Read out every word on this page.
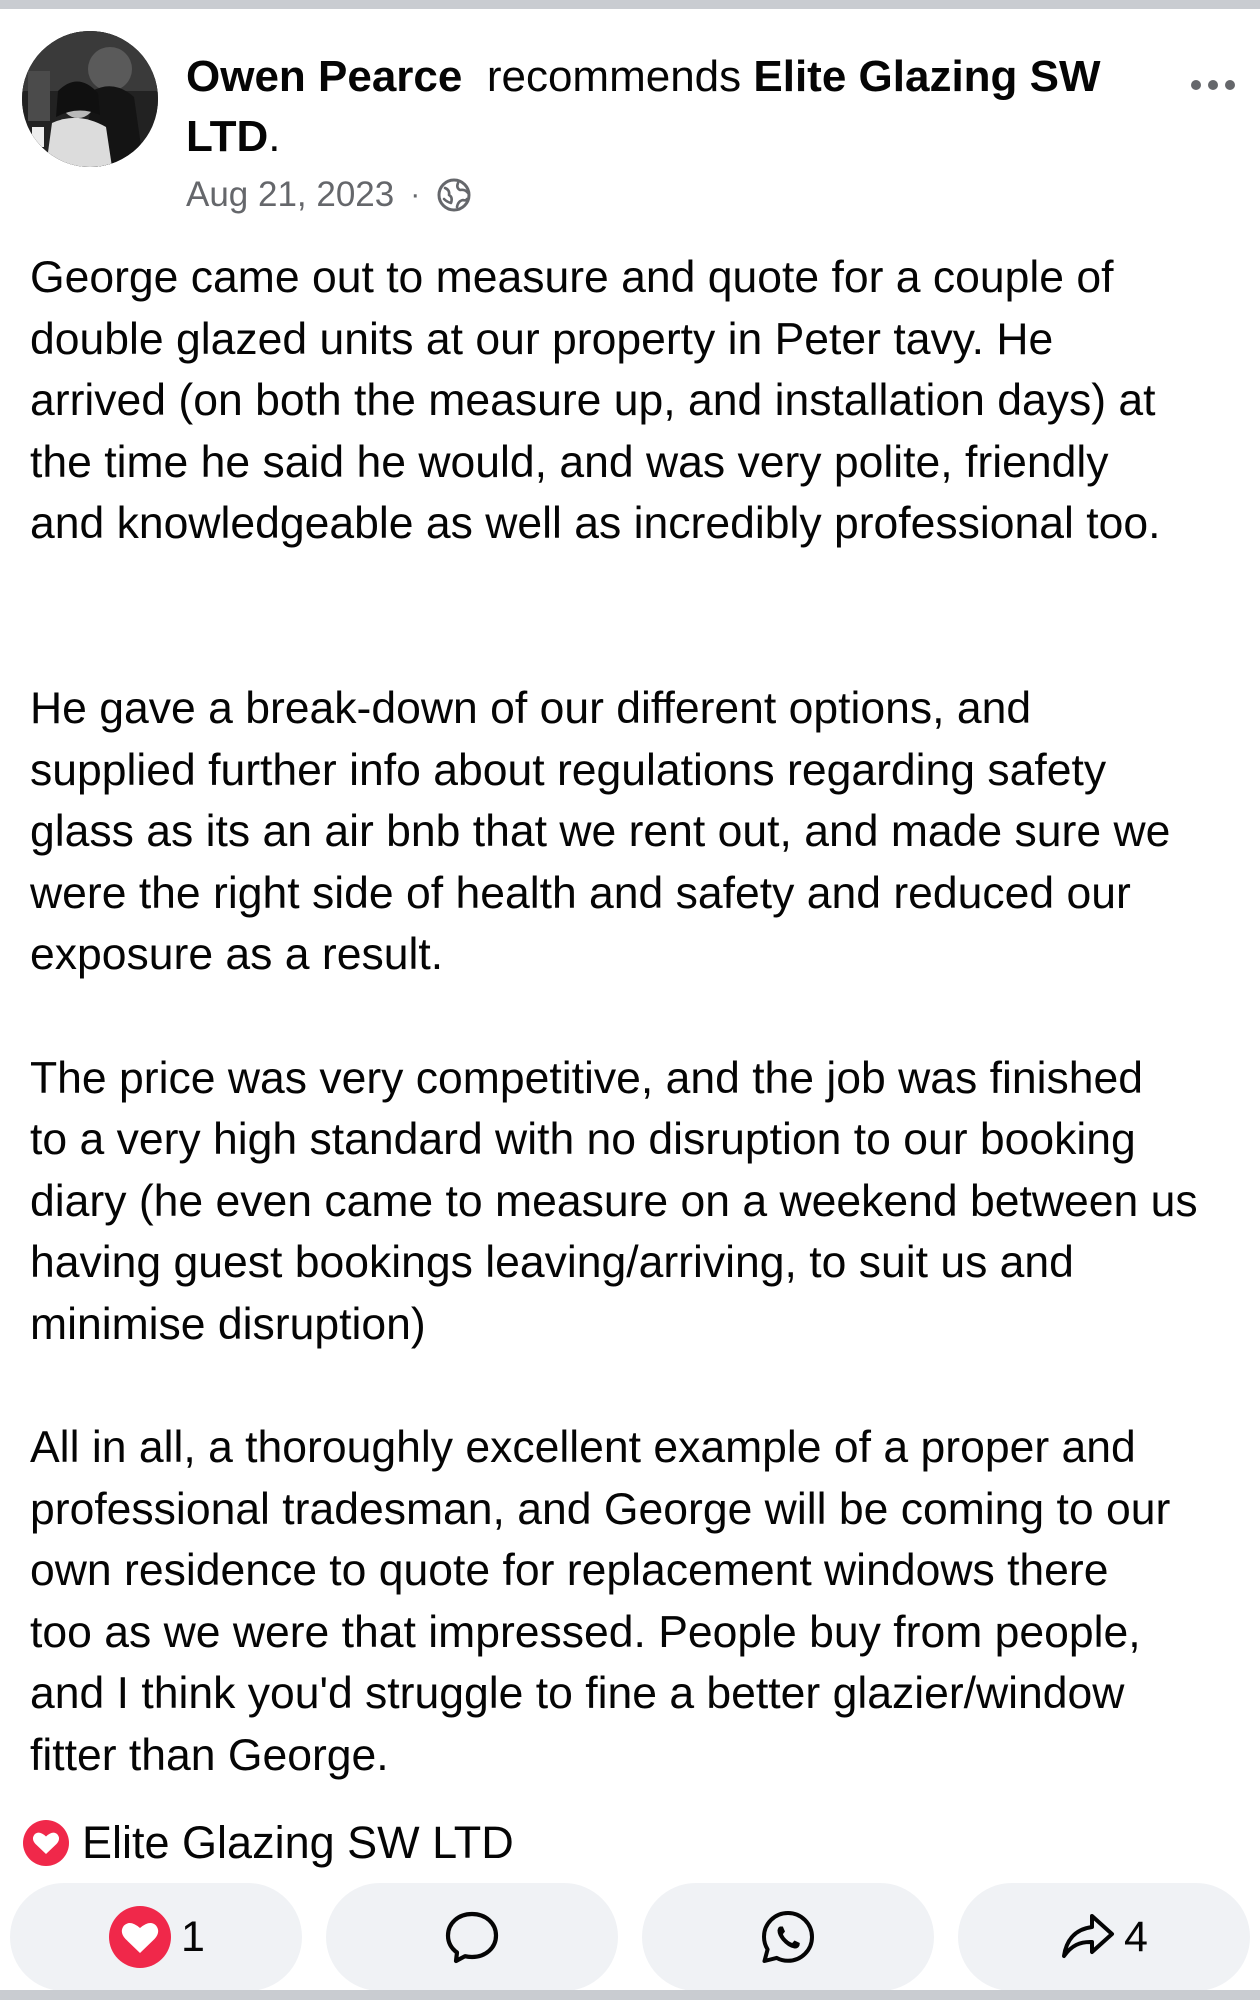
Owen Pearce recommends Elite Glazing SW LTD.
Aug 21, 2023 ·

George came out to measure and quote for a couple of
double glazed units at our property in Peter tavy. He
arrived (on both the measure up, and installation days) at
the time he said he would, and was very polite, friendly
and knowledgeable as well as incredibly professional too.

He gave a break-down of our different options, and
supplied further info about regulations regarding safety
glass as its an air bnb that we rent out, and made sure we
were the right side of health and safety and reduced our
exposure as a result.

The price was very competitive, and the job was finished
to a very high standard with no disruption to our booking
diary (he even came to measure on a weekend between us
having guest bookings leaving/arriving, to suit us and
minimise disruption)

All in all, a thoroughly excellent example of a proper and
professional tradesman, and George will be coming to our
own residence to quote for replacement windows there
too as we were that impressed. People buy from people,
and I think you'd struggle to fine a better glazier/window
fitter than George.

Elite Glazing SW LTD
1	4
